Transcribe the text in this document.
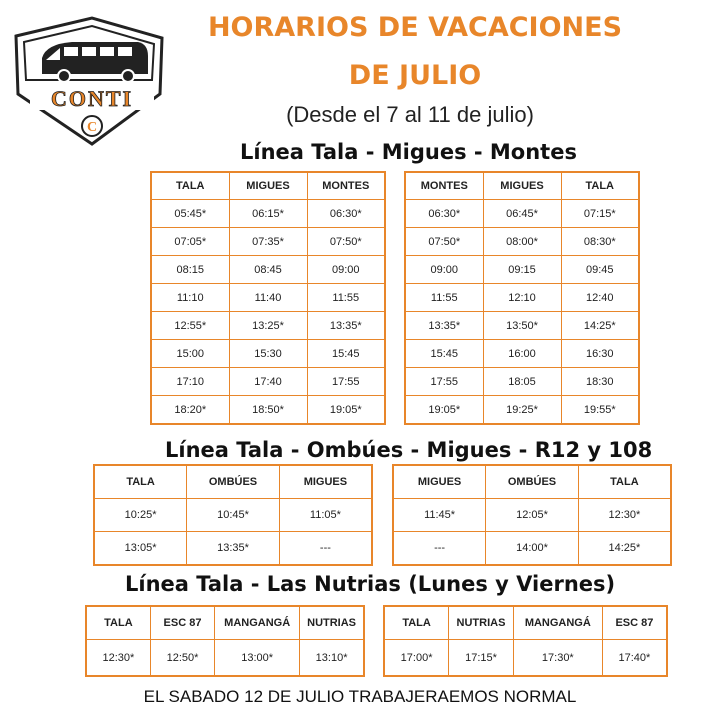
CONTI
C
HORARIOS DE VACACIONES
DE JULIO
(Desde el 7 al 11 de julio)
Línea Tala - Migues - Montes
TALA	MIGUES	MONTES
05:45*	06:15*	06:30*
07:05*	07:35*	07:50*
08:15	08:45	09:00
11:10	11:40	11:55
12:55*	13:25*	13:35*
15:00	15:30	15:45
17:10	17:40	17:55
18:20*	18:50*	19:05*
MONTES	MIGUES	TALA
06:30*	06:45*	07:15*
07:50*	08:00*	08:30*
09:00	09:15	09:45
11:55	12:10	12:40
13:35*	13:50*	14:25*
15:45	16:00	16:30
17:55	18:05	18:30
19:05*	19:25*	19:55*
Línea Tala - Ombúes - Migues - R12 y 108
TALA	OMBÚES	MIGUES
10:25*	10:45*	11:05*
13:05*	13:35*	---
MIGUES	OMBÚES	TALA
11:45*	12:05*	12:30*
---	14:00*	14:25*
Línea Tala - Las Nutrias (Lunes y Viernes)
TALA	ESC 87	MANGANGÁ	NUTRIAS
12:30*	12:50*	13:00*	13:10*
TALA	NUTRIAS	MANGANGÁ	ESC 87
17:00*	17:15*	17:30*	17:40*
EL SABADO 12 DE JULIO TRABAJERAEMOS NORMAL
